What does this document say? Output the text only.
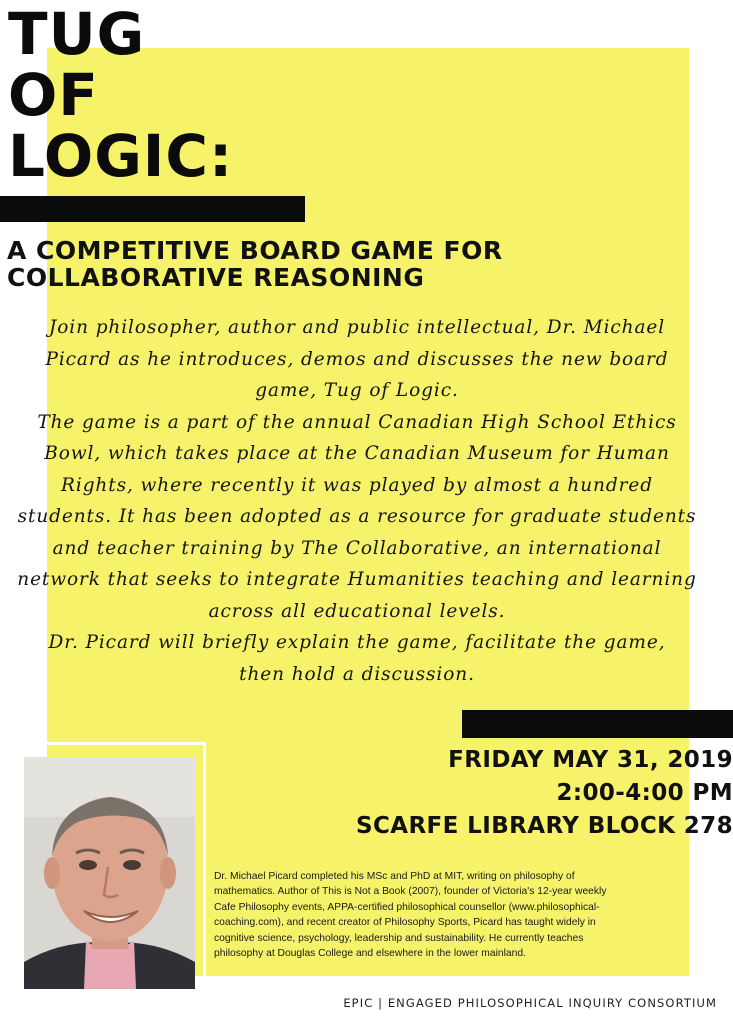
TUG
OF
LOGIC:
A COMPETITIVE BOARD GAME FOR
COLLABORATIVE REASONING
Join philosopher, author and public intellectual, Dr. Michael
Picard as he introduces, demos and discusses the new board
game, Tug of Logic.
The game is a part of the annual Canadian High School Ethics
Bowl, which takes place at the Canadian Museum for Human
Rights, where recently it was played by almost a hundred
students. It has been adopted as a resource for graduate students
and teacher training by The Collaborative, an international
network that seeks to integrate Humanities teaching and learning
across all educational levels.
Dr. Picard will briefly explain the game, facilitate the game,
then hold a discussion.
FRIDAY MAY 31, 2019
2:00-4:00 PM
SCARFE LIBRARY BLOCK 278
Dr. Michael Picard completed his MSc and PhD at MIT, writing on philosophy of
mathematics. Author of This is Not a Book (2007), founder of Victoria's 12-year weekly
Cafe Philosophy events, APPA-certified philosophical counsellor (www.philosophical-
coaching.com), and recent creator of Philosophy Sports, Picard has taught widely in
cognitive science, psychology, leadership and sustainability. He currently teaches
philosophy at Douglas College and elsewhere in the lower mainland.
EPIC | ENGAGED PHILOSOPHICAL INQUIRY CONSORTIUM
